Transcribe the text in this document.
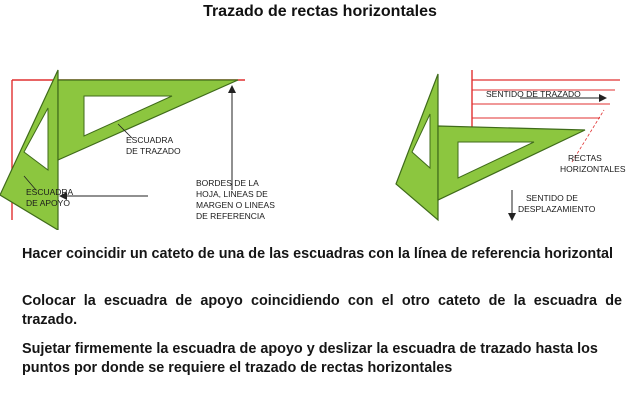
Trazado de rectas horizontales
ESCUADRA DE TRAZADO
ESCUADRA DE APOYO
BORDES DE LA HOJA, LINEAS DE MARGEN O LINEAS DE REFERENCIA
SENTIDO DE TRAZADO
RECTAS HORIZONTALES
SENTIDO DE DESPLAZAMIENTO
Hacer coincidir un cateto de una de las escuadras con la línea de referencia horizontal
Colocar la escuadra de apoyo coincidiendo con el otro cateto de la escuadra de trazado.
Sujetar firmemente la escuadra de apoyo y deslizar la escuadra de trazado hasta los puntos por donde se requiere el trazado de rectas horizontales
